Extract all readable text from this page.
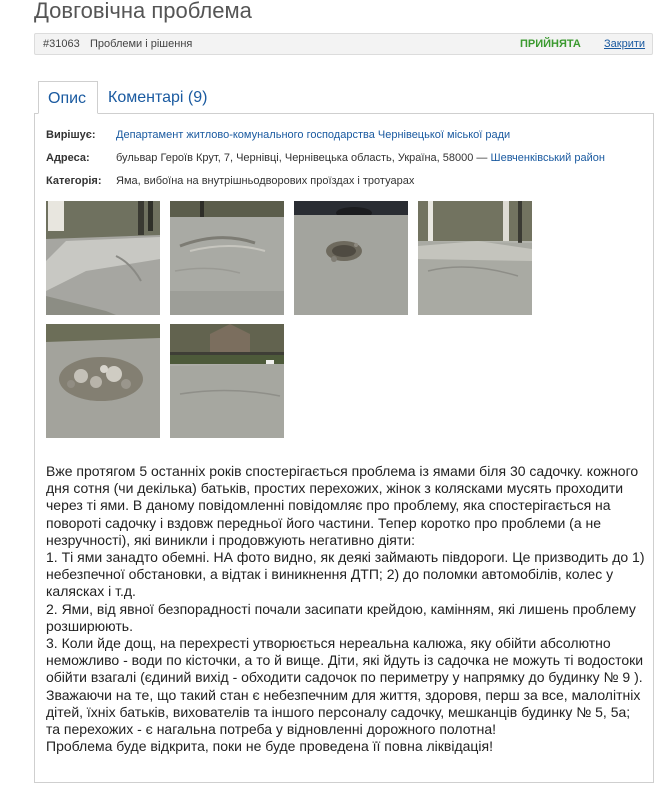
Довговічна проблема
#31063 Проблеми і рішення	ПРИЙНЯТА Закрити
Опис	Коментарі (9)
Вирішує: Департамент житлово-комунального господарства Чернівецької міської ради
Адреса: бульвар Героїв Крут, 7, Чернівці, Чернівецька область, Україна, 58000 — Шевченківський район
Категорія: Яма, вибоїна на внутрішньодворових проїздах і тротуарах

Вже протягом 5 останніх років спостерігається проблема із ямами біля 30 садочку. кожного дня сотня (чи декілька) батьків, простих перехожих, жінок з колясками мусять проходити через ті ями. В даному повідомленні повідомляє про проблему, яка спостерігається на повороті садочку і вздовж передньої його частини. Тепер коротко про проблеми (а не незручності), які виникли і продовжують негативно діяти:
1. Ті ями занадто обемні. НА фото видно, як деякі займають півдороги. Це призводить до 1) небезпечної обстановки, а відтак і виникнення ДТП; 2) до поломки автомобілів, колес у калясках і т.д.
2. Ями, від явної безпорадності почали засипати крейдою, камінням, які лишень проблему розширюють.
3. Коли йде дощ, на перехресті утворюється нереальна калюжа, яку обійти абсолютно неможливо - води по кісточки, а то й вище. Діти, які йдуть із садочка не можуть ті водостоки обійти взагалі (єдиний вихід - обходити садочок по периметру у напрямку до будинку № 9 ).
Зважаючи на те, що такий стан є небезпечним для життя, здоровя, перш за все, малолітніх дітей, їхніх батьків, вихователів та іншого персоналу садочку, мешканців будинку № 5, 5а; та перехожих - є нагальна потреба у відновленні дорожного полотна!
Проблема буде відкрита, поки не буде проведена її повна ліквідація!
